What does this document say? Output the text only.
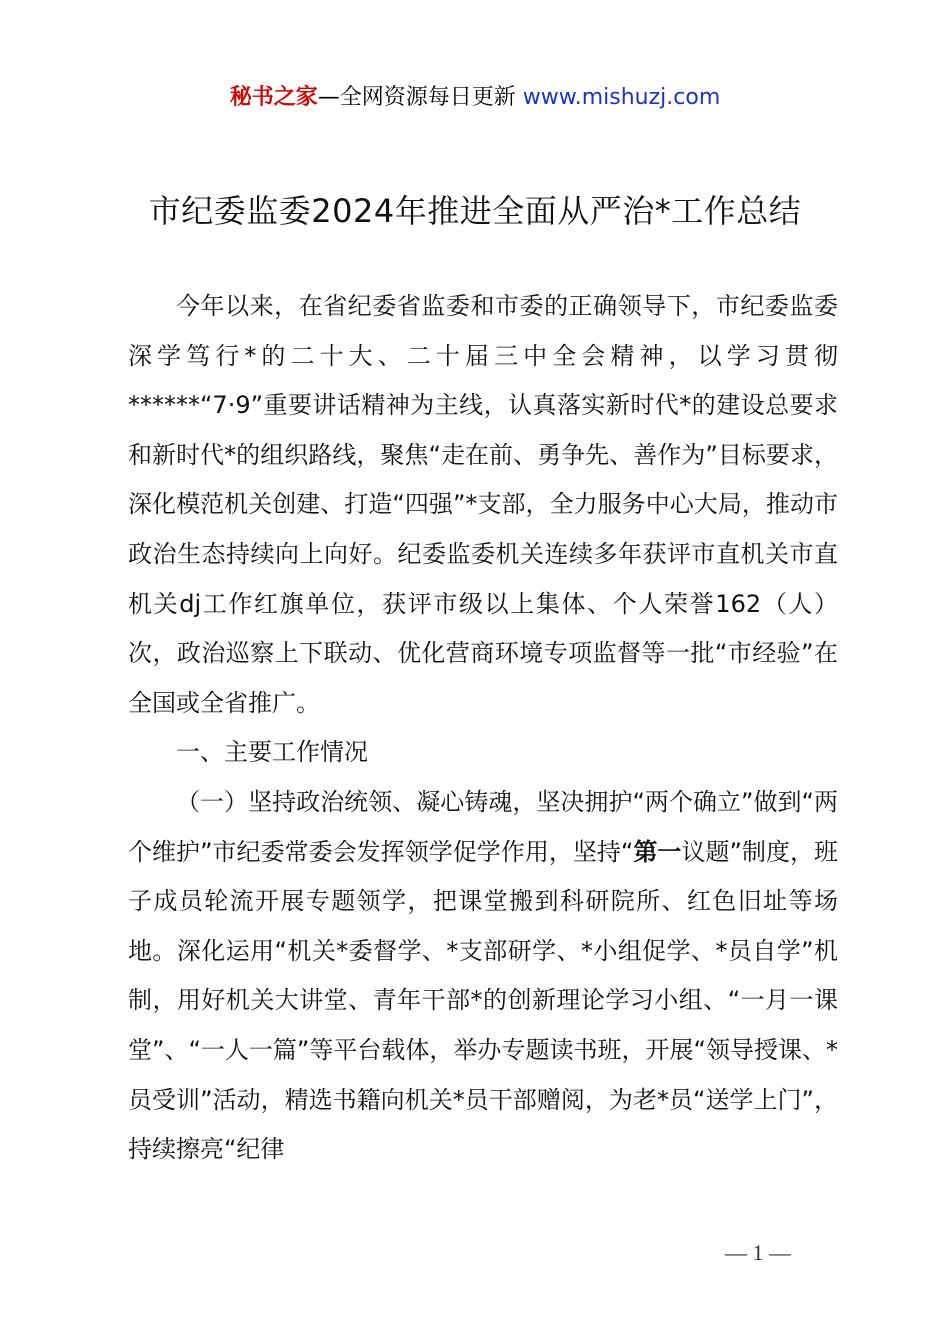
秘书之家—全网资源每日更新 www.mishuzj.com
市纪委监委2024年推进全面从严治*工作总结

今年以来，在省纪委省监委和市委的正确领导下，市纪委监委深学笃行*的二十大、二十届三中全会精神，以学习贯彻******“7·9”重要讲话精神为主线，认真落实新时代*的建设总要求和新时代*的组织路线，聚焦“走在前、勇争先、善作为”目标要求，深化模范机关创建、打造“四强”*支部，全力服务中心大局，推动市政治生态持续向上向好。纪委监委机关连续多年获评市直机关市直机关dj工作红旗单位，获评市级以上集体、个人荣誉162（人）次，政治巡察上下联动、优化营商环境专项监督等一批“市经验”在全国或全省推广。

一、主要工作情况

（一）坚持政治统领、凝心铸魂，坚决拥护“两个确立”做到“两个维护”市纪委常委会发挥领学促学作用，坚持“第一议题”制度，班子成员轮流开展专题领学，把课堂搬到科研院所、红色旧址等场地。深化运用“机关*委督学、*支部研学、*小组促学、*员自学”机制，用好机关大讲堂、青年干部*的创新理论学习小组、“一月一课堂”、“一人一篇”等平台载体，举办专题读书班，开展“领导授课、*员受训”活动，精选书籍向机关*员干部赠阅，为老*员“送学上门”，持续擦亮“纪律

— 1 —
